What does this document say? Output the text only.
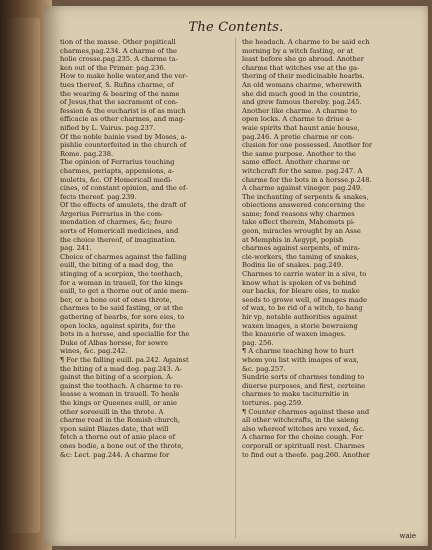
The Contents.
tion of the masse. Other popiticall
charmes,pag.234. A charme of the
holie crosse.pag.235. A charme ta-
ken out of the Primer. pag.236.
How to make holie water,and the ver-
tues thereof, S. Rufins charme, of
the wearing & bearing of the name
of Jesus,that the sacrament of con-
fession & the eucharist is of as much
efficacie as other charmes, and mag-
nified by L. Vairus. pag.237.
Of the noble bainie vsed by Moses, a-
pishlie counterfeited in the church of
Rome. pag.238.
The opinion of Ferrarius touching
charmes, periapts, appensions, a-
muletts, &c. Of Homericall medi-
cines, of constant opinion, and the ef-
fects thereof. pag.239.
Of the effects of amulets, the draft of
Argerius Ferrarius in the com-
mendation of charmes, &c; foure
sorts of Homericall medicines, and
the choice thereof, of imagination.
pag. 241.
Choice of charmes against the falling
euill, the biting of a mad dog, the
stinging of a scorpion, the toothach,
for a woman in trauell, for the kings
euill, to get a thorne out of anie mem-
ber, or a bone out of ones throte,
charmes to be said fasting, or at the
gathering of hearbs, for sore eies, to
open locks, against spirits, for the
bots in a horsse, and speciallie for the
Duke of Albas horsse, for sowre
wines, &c. pag.242.
¶ For the falling euill. pa.242. Against
the biting of a mad dog. pag.243. A-
gainst the biting of a scorpion. A-
gainst the toothach. A charme to re-
leasse a woman in trauell. To heale
the kings or Queenes euill, or anie
other soreeuill in the throte. A
charme read in the Romish church,
vpon saint Blazes date, that will
fetch a thorne out of anie place of
ones bodie, a bone out of the throte,
&c: Lect. pag.244. A charme for
the headach. A charme to be said ech
morning by a witch fasting, or at
least before she go abroad. Another
charme that witches vse at the ga-
thering of their medicinable hearbs.
An old womans charme, wherewith
she did much good in the countrie,
and grew famous thereby. pag.245.
Another like charme. A charme to
open locks. A charme to driue a-
waie spirits that haunt anie house,
pag.246. A pretie charme or con-
clusion for one possessed. Another for
the same purpose. Another to the
same effect. Another charme or
witchcraft for the same. pag.247. A
charme for the bots in a horsse.p.248.
A charme against vineger. pag.249.
The inchanting of serpents & snakes,
obiections answered concerning the
same; fond reasons why charmes
take effect therein, Mahomets pi-
geon, miracles wrought by an Asse
at Memphis in Aegypt, popish
charmes against serpents, of mira-
cle-workers, the taming of snakes,
Bodins lie of snakes. pag.249.
Charmes to carrie water in a sive, to
know what is spoken of vs behind
our backs, for bleare eies, to make
seeds to growe well, of images made
of wax, to be rid of a witch, to hang
hir vp, notable authorities against
waxen images, a storie bewraieng
the knauerie of waxen images.
pag. 256.
¶ A charme teaching how to hurt
whom you list with images of wax,
&c. pag.257.
Sundrie sorts of charmes tending to
diuerse purposes, and first, certeine
charmes to make taciturnitie in
tortures. pag.259.
¶ Counter charmes against these and
all other witchcrafts, in the saieng
also whereof witches are vexed, &c.
A charme for the choine cough. For
corporall or spirituall rest. Charmes
to find out a theefe. pag.260. Another
waie
